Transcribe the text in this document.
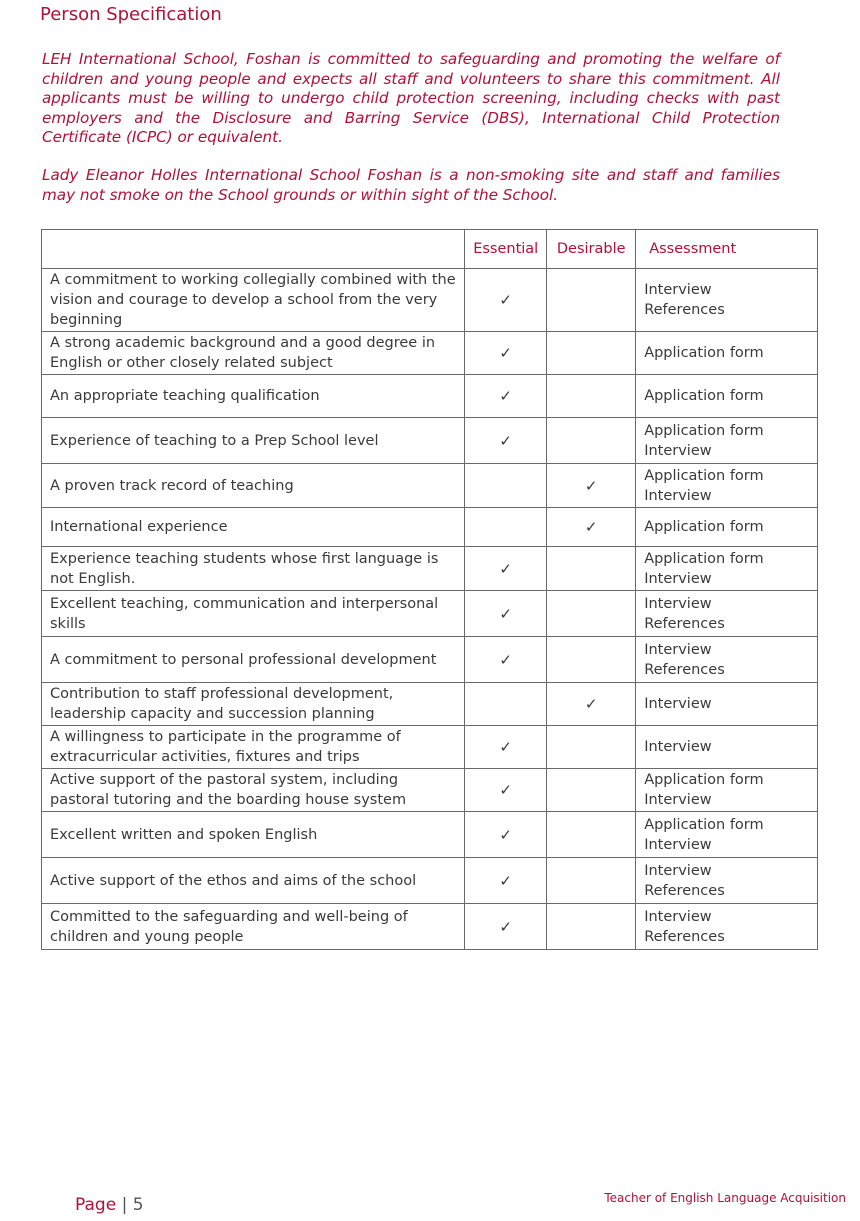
Person Specification

LEH International School, Foshan is committed to safeguarding and promoting the welfare of children and young people and expects all staff and volunteers to share this commitment. All applicants must be willing to undergo child protection screening, including checks with past employers and the Disclosure and Barring Service (DBS), International Child Protection Certificate (ICPC) or equivalent.

Lady Eleanor Holles International School Foshan is a non-smoking site and staff and families may not smoke on the School grounds or within sight of the School.

	Essential	Desirable	Assessment
A commitment to working collegially combined with the vision and courage to develop a school from the very beginning	✓		Interview
References

A strong academic background and a good degree in English or other closely related subject	✓		Application form

An appropriate teaching qualification	✓		Application form

Experience of teaching to a Prep School level	✓		Application form
Interview

A proven track record of teaching		✓	Application form
Interview

International experience		✓	Application form

Experience teaching students whose first language is not English.	✓		Application form
Interview

Excellent teaching, communication and interpersonal skills	✓		Interview
References

A commitment to personal professional development	✓		Interview
References

Contribution to staff professional development, leadership capacity and succession planning		✓	Interview

A willingness to participate in the programme of extracurricular activities, fixtures and trips	✓		Interview

Active support of the pastoral system, including pastoral tutoring and the boarding house system	✓		Application form
Interview

Excellent written and spoken English	✓		Application form
Interview

Active support of the ethos and aims of the school	✓		Interview
References

Committed to the safeguarding and well-being of children and young people	✓		Interview
References
Page | 5	Teacher of English Language Acquisition
